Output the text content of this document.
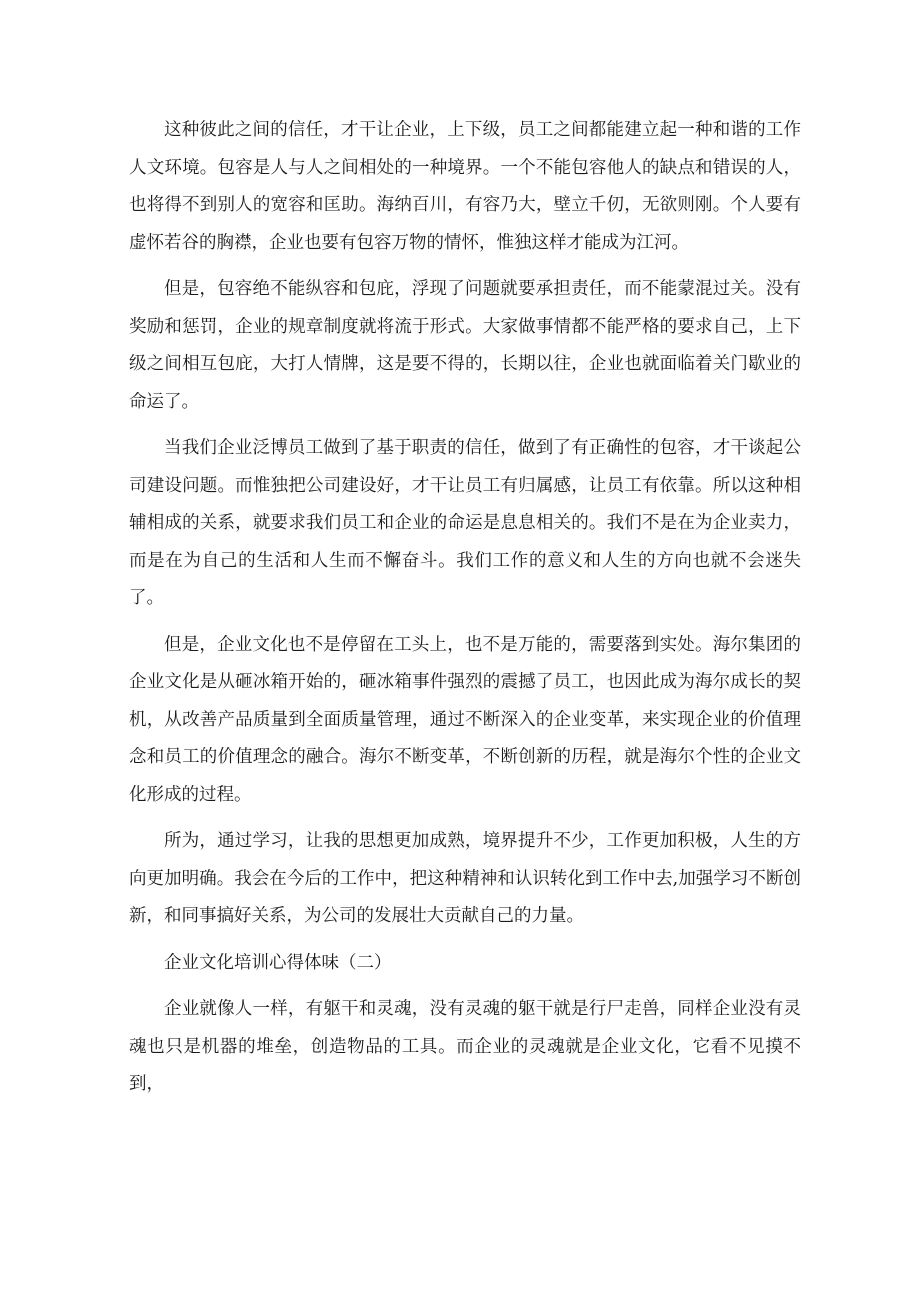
这种彼此之间的信任，才干让企业，上下级，员工之间都能建立起一种和谐的工作人文环境。包容是人与人之间相处的一种境界。一个不能包容他人的缺点和错误的人，也将得不到别人的宽容和匡助。海纳百川，有容乃大，壁立千仞，无欲则刚。个人要有虚怀若谷的胸襟，企业也要有包容万物的情怀，惟独这样才能成为江河。

但是，包容绝不能纵容和包庇，浮现了问题就要承担责任，而不能蒙混过关。没有奖励和惩罚，企业的规章制度就将流于形式。大家做事情都不能严格的要求自己，上下级之间相互包庇，大打人情牌，这是要不得的，长期以往，企业也就面临着关门歇业的命运了。

当我们企业泛博员工做到了基于职责的信任，做到了有正确性的包容，才干谈起公司建设问题。而惟独把公司建设好，才干让员工有归属感，让员工有依靠。所以这种相辅相成的关系，就要求我们员工和企业的命运是息息相关的。我们不是在为企业卖力，而是在为自己的生活和人生而不懈奋斗。我们工作的意义和人生的方向也就不会迷失了。

但是，企业文化也不是停留在工头上，也不是万能的，需要落到实处。海尔集团的企业文化是从砸冰箱开始的，砸冰箱事件强烈的震撼了员工，也因此成为海尔成长的契机，从改善产品质量到全面质量管理，通过不断深入的企业变革，来实现企业的价值理念和员工的价值理念的融合。海尔不断变革，不断创新的历程，就是海尔个性的企业文化形成的过程。

所为，通过学习，让我的思想更加成熟，境界提升不少，工作更加积极，人生的方向更加明确。我会在今后的工作中，把这种精神和认识转化到工作中去,加强学习不断创新，和同事搞好关系，为公司的发展壮大贡献自己的力量。

企业文化培训心得体味（二）

企业就像人一样，有躯干和灵魂，没有灵魂的躯干就是行尸走兽，同样企业没有灵魂也只是机器的堆垒，创造物品的工具。而企业的灵魂就是企业文化，它看不见摸不到，
